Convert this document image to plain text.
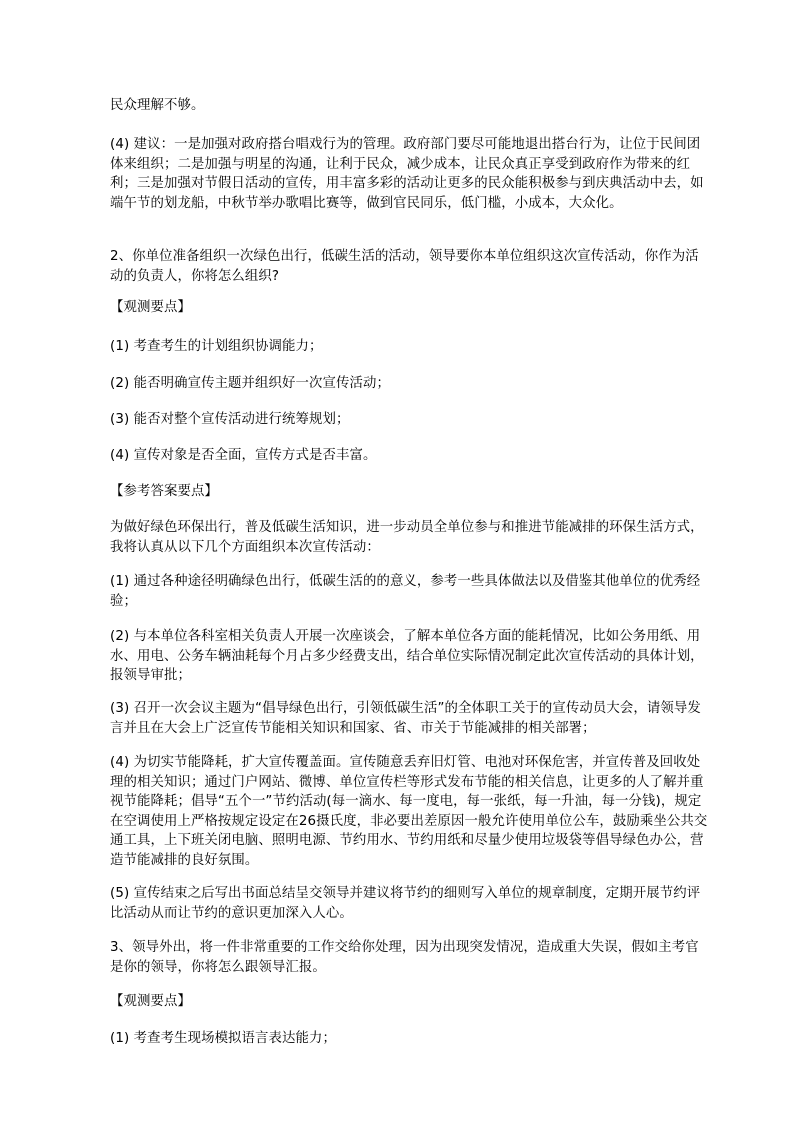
民众理解不够。

(4) 建议：一是加强对政府搭台唱戏行为的管理。政府部门要尽可能地退出搭台行为，让位于民间团体来组织；二是加强与明星的沟通，让利于民众，减少成本，让民众真正享受到政府作为带来的红利；三是加强对节假日活动的宣传，用丰富多彩的活动让更多的民众能积极参与到庆典活动中去，如端午节的划龙船，中秋节举办歌唱比赛等，做到官民同乐，低门槛，小成本，大众化。

2、你单位准备组织一次绿色出行，低碳生活的活动，领导要你本单位组织这次宣传活动，你作为活动的负责人，你将怎么组织?

【观测要点】

(1) 考查考生的计划组织协调能力；

(2) 能否明确宣传主题并组织好一次宣传活动；

(3) 能否对整个宣传活动进行统筹规划；

(4) 宣传对象是否全面，宣传方式是否丰富。

【参考答案要点】

为做好绿色环保出行，普及低碳生活知识，进一步动员全单位参与和推进节能减排的环保生活方式，我将认真从以下几个方面组织本次宣传活动：

(1) 通过各种途径明确绿色出行，低碳生活的的意义，参考一些具体做法以及借鉴其他单位的优秀经验；

(2) 与本单位各科室相关负责人开展一次座谈会，了解本单位各方面的能耗情况，比如公务用纸、用水、用电、公务车辆油耗每个月占多少经费支出，结合单位实际情况制定此次宣传活动的具体计划，报领导审批；

(3) 召开一次会议主题为“倡导绿色出行，引领低碳生活”的全体职工关于的宣传动员大会，请领导发言并且在大会上广泛宣传节能相关知识和国家、省、市关于节能减排的相关部署；

(4) 为切实节能降耗，扩大宣传覆盖面。宣传随意丢弃旧灯管、电池对环保危害，并宣传普及回收处理的相关知识；通过门户网站、微博、单位宣传栏等形式发布节能的相关信息，让更多的人了解并重视节能降耗；倡导“五个一”节约活动(每一滴水、每一度电，每一张纸，每一升油，每一分钱)，规定在空调使用上严格按规定设定在26摄氏度，非必要出差原因一般允许使用单位公车，鼓励乘坐公共交通工具，上下班关闭电脑、照明电源、节约用水、节约用纸和尽量少使用垃圾袋等倡导绿色办公，营造节能减排的良好氛围。

(5) 宣传结束之后写出书面总结呈交领导并建议将节约的细则写入单位的规章制度，定期开展节约评比活动从而让节约的意识更加深入人心。

3、领导外出，将一件非常重要的工作交给你处理，因为出现突发情况，造成重大失误，假如主考官是你的领导，你将怎么跟领导汇报。

【观测要点】

(1) 考查考生现场模拟语言表达能力；
